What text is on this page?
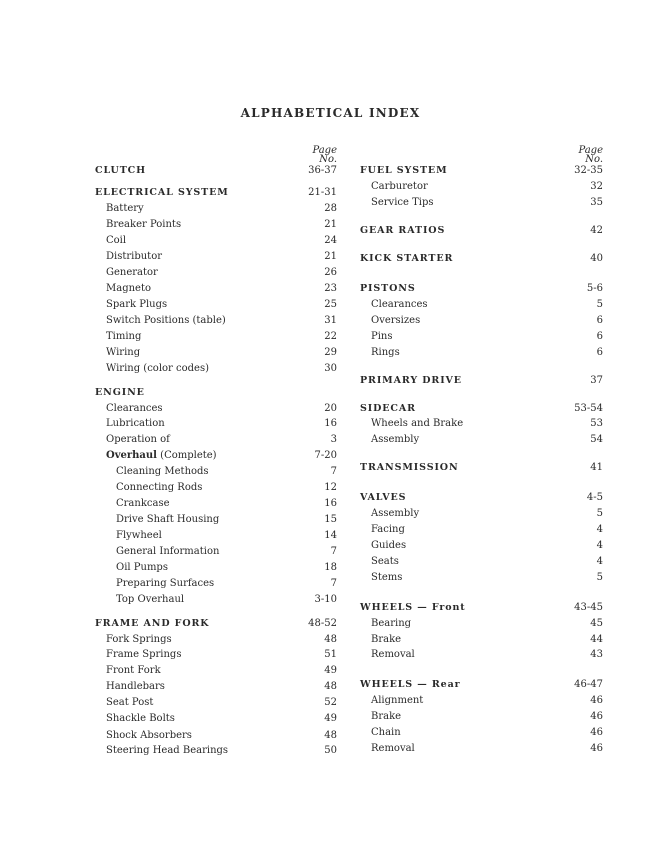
ALPHABETICAL INDEX
Page
No.
CLUTCH	36-37
ELECTRICAL SYSTEM	21-31
Battery	28
Breaker Points	21
Coil	24
Distributor	21
Generator	26
Magneto	23
Spark Plugs	25
Switch Positions (table)	31
Timing	22
Wiring	29
Wiring (color codes)	30
ENGINE
Clearances	20
Lubrication	16
Operation of	3
Overhaul (Complete)	7-20
Cleaning Methods	7
Connecting Rods	12
Crankcase	16
Drive Shaft Housing	15
Flywheel	14
General Information	7
Oil Pumps	18
Preparing Surfaces	7
Top Overhaul	3-10
FRAME AND FORK	48-52
Fork Springs	48
Frame Springs	51
Front Fork	49
Handlebars	48
Seat Post	52
Shackle Bolts	49
Shock Absorbers	48
Steering Head Bearings	50
Page
No.
FUEL SYSTEM	32-35
Carburetor	32
Service Tips	35
GEAR RATIOS	42
KICK STARTER	40
PISTONS	5-6
Clearances	5
Oversizes	6
Pins	6
Rings	6
PRIMARY DRIVE	37
SIDECAR	53-54
Wheels and Brake	53
Assembly	54
TRANSMISSION	41
VALVES	4-5
Assembly	5
Facing	4
Guides	4
Seats	4
Stems	5
WHEELS — Front	43-45
Bearing	45
Brake	44
Removal	43
WHEELS — Rear	46-47
Alignment	46
Brake	46
Chain	46
Removal	46
